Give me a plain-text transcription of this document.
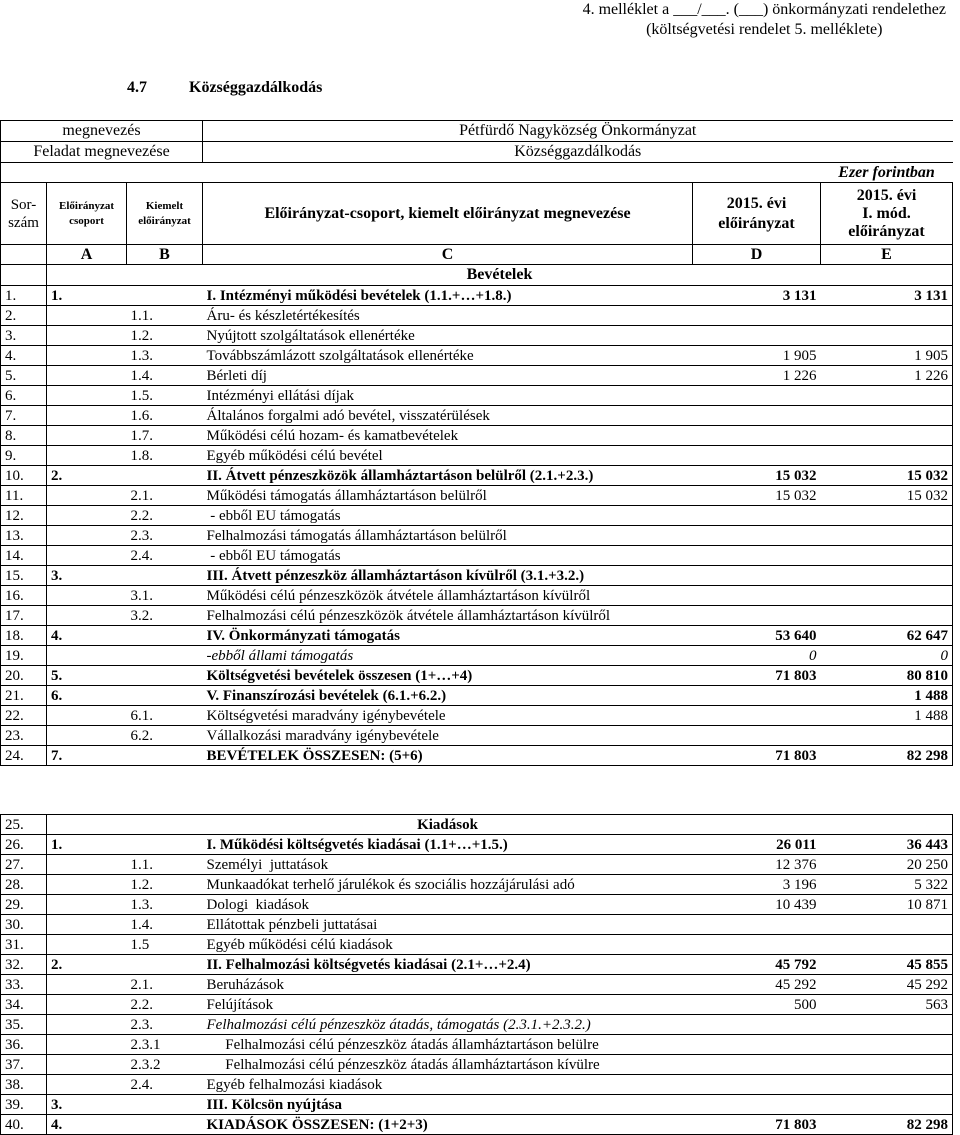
4. melléklet a ___/___. (___) önkormányzati rendelethez
(költségvetési rendelet 5. melléklete)
4.7	Községgazdálkodás
megnevezés			Pétfürdő Nagyközség Önkormányzat		
Feladat megnevezése			Községgazdálkodás		
					Ezer forintban
Sor-szám	Előirányzat csoport	Kiemelt előirányzat	Előirányzat-csoport, kiemelt előirányzat megnevezése	2015. évi előirányzat	2015. évi
I. mód.
előirányzat

	A	B	C	D	E
	Bevételek				
1.	1.		I. Intézményi működési bevételek (1.1.+…+1.8.)	3 131	3 131
2.		1.1.	Áru- és készletértékesítés		
3.		1.2.	Nyújtott szolgáltatások ellenértéke		
4.		1.3.	Továbbszámlázott szolgáltatások ellenértéke	1 905	1 905
5.		1.4.	Bérleti díj	1 226	1 226
6.		1.5.	Intézményi ellátási díjak		
7.		1.6.	Általános forgalmi adó bevétel, visszatérülések		
8.		1.7.	Működési célú hozam- és kamatbevételek		
9.		1.8.	Egyéb működési célú bevétel		
10.	2.		II. Átvett pénzeszközök államháztartáson belülről (2.1.+2.3.)	15 032	15 032
11.		2.1.	Működési támogatás államháztartáson belülről	15 032	15 032
12.		2.2.	- ebből EU támogatás		
13.		2.3.	Felhalmozási támogatás államháztartáson belülről		
14.		2.4.	- ebből EU támogatás		
15.	3.		III. Átvett pénzeszköz államháztartáson kívülről (3.1.+3.2.)		
16.		3.1.	Működési célú pénzeszközök átvétele államháztartáson kívülről		
17.		3.2.	Felhalmozási célú pénzeszközök átvétele államháztartáson kívülről		
18.	4.		IV. Önkormányzati támogatás	53 640	62 647
19.			-ebből állami támogatás	0	0
20.	5.		Költségvetési bevételek összesen (1+…+4)	71 803	80 810
21.	6.		V. Finanszírozási bevételek (6.1.+6.2.)		1 488
22.		6.1.	Költségvetési maradvány igénybevétele		1 488
23.		6.2.	Vállalkozási maradvány igénybevétele		
24.	7.		BEVÉTELEK ÖSSZESEN: (5+6)	71 803	82 298
25.			Kiadások		
26.	1.		I. Működési költségvetés kiadásai (1.1+…+1.5.)	26 011	36 443
27.		1.1.	Személyi  juttatások	12 376	20 250
28.		1.2.	Munkaadókat terhelő járulékok és szociális hozzájárulási adó	3 196	5 322
29.		1.3.	Dologi  kiadások	10 439	10 871
30.		1.4.	Ellátottak pénzbeli juttatásai		
31.		1.5	Egyéb működési célú kiadások		
32.	2.		II. Felhalmozási költségvetés kiadásai (2.1+…+2.4)	45 792	45 855
33.		2.1.	Beruházások	45 292	45 292
34.		2.2.	Felújítások	500	563
35.		2.3.	Felhalmozási célú pénzeszköz átadás, támogatás (2.3.1.+2.3.2.)		
36.		2.3.1	Felhalmozási célú pénzeszköz átadás államháztartáson belülre		
37.		2.3.2	Felhalmozási célú pénzeszköz átadás államháztartáson kívülre		
38.		2.4.	Egyéb felhalmozási kiadások		
39.	3.		III. Kölcsön nyújtása		
40.	4.		KIADÁSOK ÖSSZESEN: (1+2+3)	71 803	82 298
